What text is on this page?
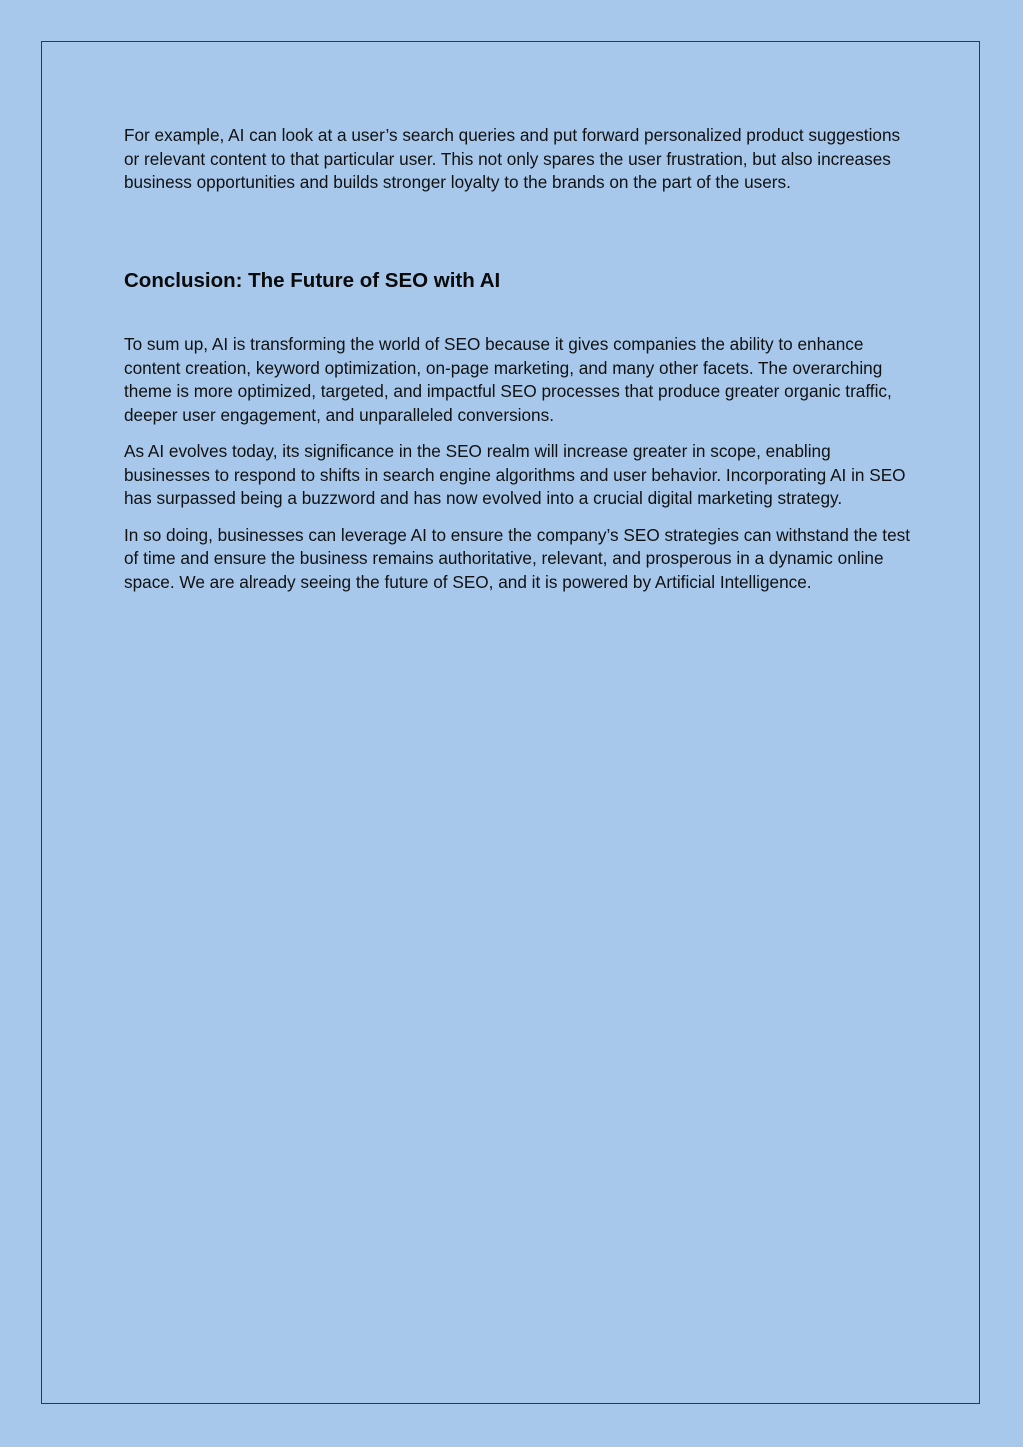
For example, AI can look at a user’s search queries and put forward personalized product suggestions or relevant content to that particular user. This not only spares the user frustration, but also increases business opportunities and builds stronger loyalty to the brands on the part of the users.

Conclusion: The Future of SEO with AI

To sum up, AI is transforming the world of SEO because it gives companies the ability to enhance content creation, keyword optimization, on-page marketing, and many other facets. The overarching theme is more optimized, targeted, and impactful SEO processes that produce greater organic traffic, deeper user engagement, and unparalleled conversions.

As AI evolves today, its significance in the SEO realm will increase greater in scope, enabling businesses to respond to shifts in search engine algorithms and user behavior. Incorporating AI in SEO has surpassed being a buzzword and has now evolved into a crucial digital marketing strategy.

In so doing, businesses can leverage AI to ensure the company’s SEO strategies can withstand the test of time and ensure the business remains authoritative, relevant, and prosperous in a dynamic online space. We are already seeing the future of SEO, and it is powered by Artificial Intelligence.
